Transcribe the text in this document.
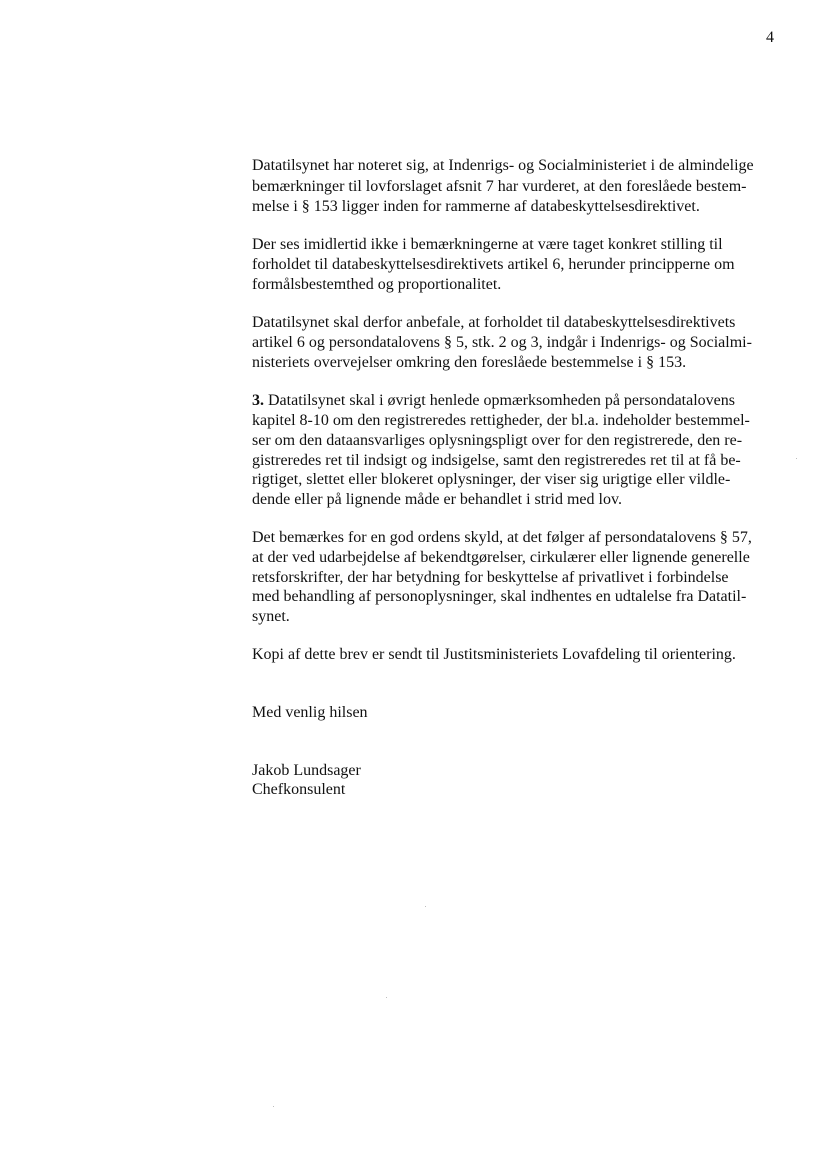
4
Datatilsynet har noteret sig, at Indenrigs- og Socialministeriet i de almindelige
bemærkninger til lovforslaget afsnit 7 har vurderet, at den foreslåede bestem-
melse i § 153 ligger inden for rammerne af databeskyttelsesdirektivet.
Der ses imidlertid ikke i bemærkningerne at være taget konkret stilling til
forholdet til databeskyttelsesdirektivets artikel 6, herunder principperne om
formålsbestemthed og proportionalitet.
Datatilsynet skal derfor anbefale, at forholdet til databeskyttelsesdirektivets
artikel 6 og persondatalovens § 5, stk. 2 og 3, indgår i Indenrigs- og Socialmi-
nisteriets overvejelser omkring den foreslåede bestemmelse i § 153.
3. Datatilsynet skal i øvrigt henlede opmærksomheden på persondatalovens
kapitel 8-10 om den registreredes rettigheder, der bl.a. indeholder bestemmel-
ser om den dataansvarliges oplysningspligt over for den registrerede, den re-
gistreredes ret til indsigt og indsigelse, samt den registreredes ret til at få be-
rigtiget, slettet eller blokeret oplysninger, der viser sig urigtige eller vildle-
dende eller på lignende måde er behandlet i strid med lov.
Det bemærkes for en god ordens skyld, at det følger af persondatalovens § 57,
at der ved udarbejdelse af bekendtgørelser, cirkulærer eller lignende generelle
retsforskrifter, der har betydning for beskyttelse af privatlivet i forbindelse
med behandling af personoplysninger, skal indhentes en udtalelse fra Datatil-
synet.
Kopi af dette brev er sendt til Justitsministeriets Lovafdeling til orientering.
Med venlig hilsen
Jakob Lundsager
Chefkonsulent
